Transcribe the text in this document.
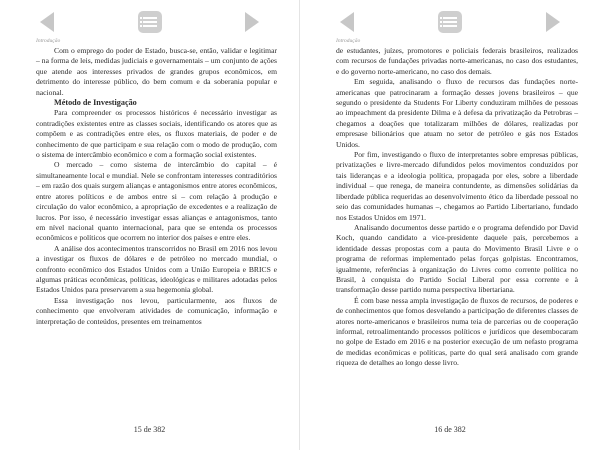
Introdução

Com o emprego do poder de Estado, busca-se, então, validar e legitimar – na forma de leis, medidas judiciais e governamentais – um conjunto de ações que atende aos interesses privados de grandes grupos econômicos, em detrimento do interesse público, do bem comum e da soberania popular e nacional.

Método de Investigação

Para compreender os processos históricos é necessário investigar as contradições existentes entre as classes sociais, identificando os atores que as compõem e as contradições entre eles, os fluxos materiais, de poder e de conhecimento de que participam e sua relação com o modo de produção, com o sistema de intercâmbio econômico e com a formação social existentes.

O mercado – como sistema de intercâmbio do capital – é simultaneamente local e mundial. Nele se confrontam interesses contraditórios – em razão dos quais surgem alianças e antagonismos entre atores econômicos, entre atores políticos e de ambos entre si – com relação à produção e circulação do valor econômico, a apropriação de excedentes e a realização de lucros. Por isso, é necessário investigar essas alianças e antagonismos, tanto em nível nacional quanto internacional, para que se entenda os processos econômicos e políticos que ocorrem no interior dos países e entre eles.

A análise dos acontecimentos transcorridos no Brasil em 2016 nos levou a investigar os fluxos de dólares e de petróleo no mercado mundial, o confronto econômico dos Estados Unidos com a União Europeia e BRICS e algumas práticas econômicas, políticas, ideológicas e militares adotadas pelos Estados Unidos para preservarem a sua hegemonia global.

Essa investigação nos levou, particularmente, aos fluxos de conhecimento que envolveram atividades de comunicação, informação e interpretação de conteúdos, presentes em treinamentos

15 de 382
Introdução

de estudantes, juízes, promotores e policiais federais brasileiros, realizados com recursos de fundações privadas norte-americanas, no caso dos estudantes, e do governo norte-americano, no caso dos demais.

Em seguida, analisando o fluxo de recursos das fundações norte-americanas que patrocinaram a formação desses jovens brasileiros – que segundo o presidente da Students For Liberty conduziram milhões de pessoas ao impeachment da presidente Dilma e à defesa da privatização da Petrobras – chegamos a doações que totalizaram milhões de dólares, realizadas por empresase bilionários que atuam no setor de petróleo e gás nos Estados Unidos.

Por fim, investigando o fluxo de interpretantes sobre empresas públicas, privatizações e livre-mercado difundidos pelos movimentos conduzidos por tais lideranças e a ideologia política, propagada por eles, sobre a liberdade individual – que renega, de maneira contundente, as dimensões solidárias da liberdade pública requeridas ao desenvolvimento ético da liberdade pessoal no seio das comunidades humanas –, chegamos ao Partido Libertariano, fundado nos Estados Unidos em 1971.

Analisando documentos desse partido e o programa defendido por David Koch, quando candidato a vice-presidente daquele país, percebemos a identidade dessas propostas com a pauta do Movimento Brasil Livre e o programa de reformas implementado pelas forças golpistas. Encontramos, igualmente, referências à organização do Livres como corrente política no Brasil, à conquista do Partido Social Liberal por essa corrente e à transformação desse partido numa perspectiva libertariana.

É com base nessa ampla investigação de fluxos de recursos, de poderes e de conhecimentos que fomos desvelando a participação de diferentes classes de atores norte-americanos e brasileiros numa teia de parcerias ou de cooperação informal, retroalimentando processos políticos e jurídicos que desembocaram no golpe de Estado em 2016 e na posterior execução de um nefasto programa de medidas econômicas e políticas, parte do qual será analisado com grande riqueza de detalhes ao longo desse livro.

16 de 382
